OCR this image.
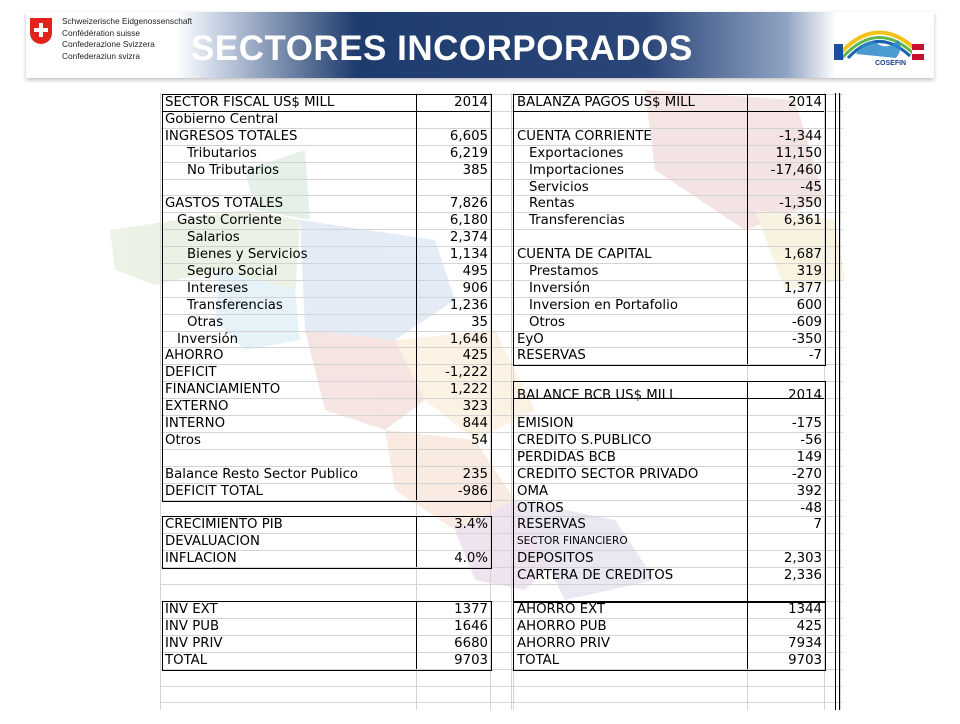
Schweizerische Eidgenossenschaft
Confédération suisse
Confederazione Svizzera
Confederaziun svizra	SECTORES INCORPORADOS	COSEFIN
SECTOR FISCAL US$ MILL	2014
Gobierno Central
INGRESOS TOTALES	6,605
Tributarios	6,219
No Tributarios	385
GASTOS TOTALES	7,826
Gasto Corriente	6,180
Salarios	2,374
Bienes y Servicios	1,134
Seguro Social	495
Intereses	906
Transferencias	1,236
Otras	35
Inversión	1,646
AHORRO	425
DEFICIT	-1,222
FINANCIAMIENTO	1,222
EXTERNO	323
INTERNO	844
Otros	54
Balance Resto Sector Publico	235
DEFICIT TOTAL	-986
BALANZA PAGOS US$ MILL	2014
CUENTA CORRIENTE	-1,344
Exportaciones	11,150
Importaciones	-17,460
Servicios	-45
Rentas	-1,350
Transferencias	6,361
CUENTA DE CAPITAL	1,687
Prestamos	319
Inversión	1,377
Inversion en Portafolio	600
Otros	-609
EyO	-350
RESERVAS	-7
BALANCE BCB US$ MILL	2014
EMISION	-175
CREDITO S.PUBLICO	-56
PERDIDAS BCB	149
CREDITO SECTOR PRIVADO	-270
OMA	392
OTROS	-48
RESERVAS	7
SECTOR FINANCIERO
DEPOSITOS	2,303
CARTERA DE CREDITOS	2,336
CRECIMIENTO PIB	3.4%
DEVALUACION
INFLACION	4.0%
INV EXT	1377
INV PUB	1646
INV PRIV	6680
TOTAL	9703
AHORRO EXT	1344
AHORRO PUB	425
AHORRO PRIV	7934
TOTAL	9703
